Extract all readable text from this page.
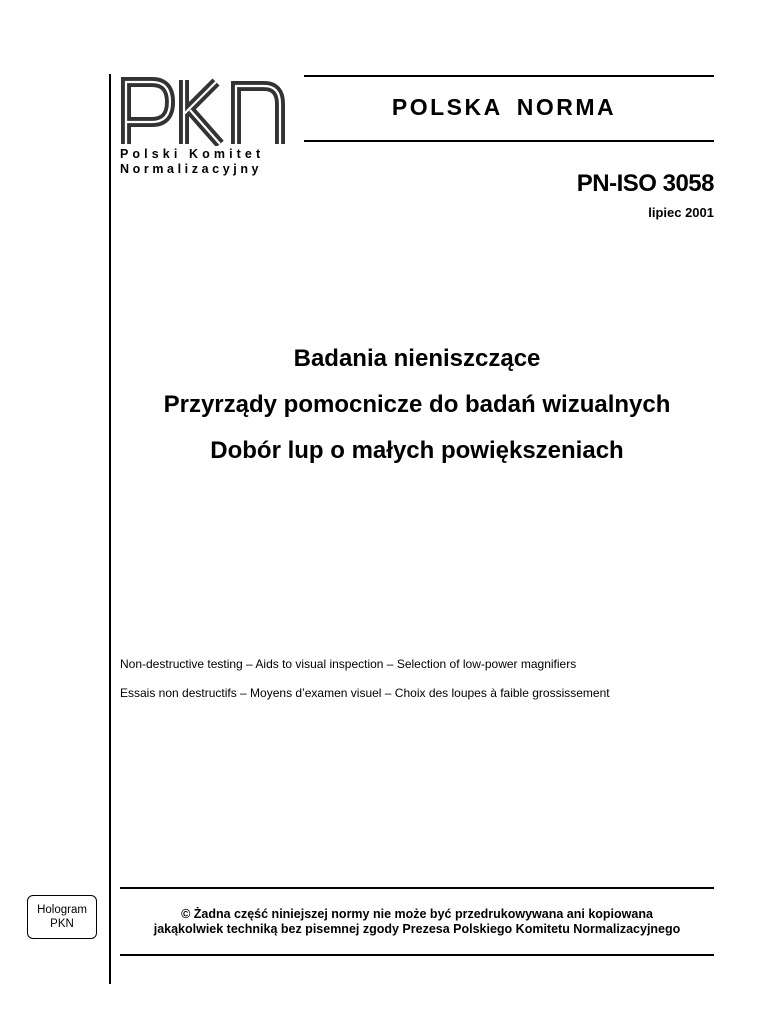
Polski Komitet
Normalizacyjny
POLSKA NORMA
PN-ISO 3058
lipiec 2001
Badania nieniszczące
Przyrządy pomocnicze do badań wizualnych
Dobór lup o małych powiększeniach
Non-destructive testing – Aids to visual inspection – Selection of low-power magnifiers
Essais non destructifs – Moyens d’examen visuel – Choix des loupes à faible grossissement
© Żadna część niniejszej normy nie może być przedrukowywana ani kopiowana
jakąkolwiek techniką bez pisemnej zgody Prezesa Polskiego Komitetu Normalizacyjnego
Hologram
PKN
